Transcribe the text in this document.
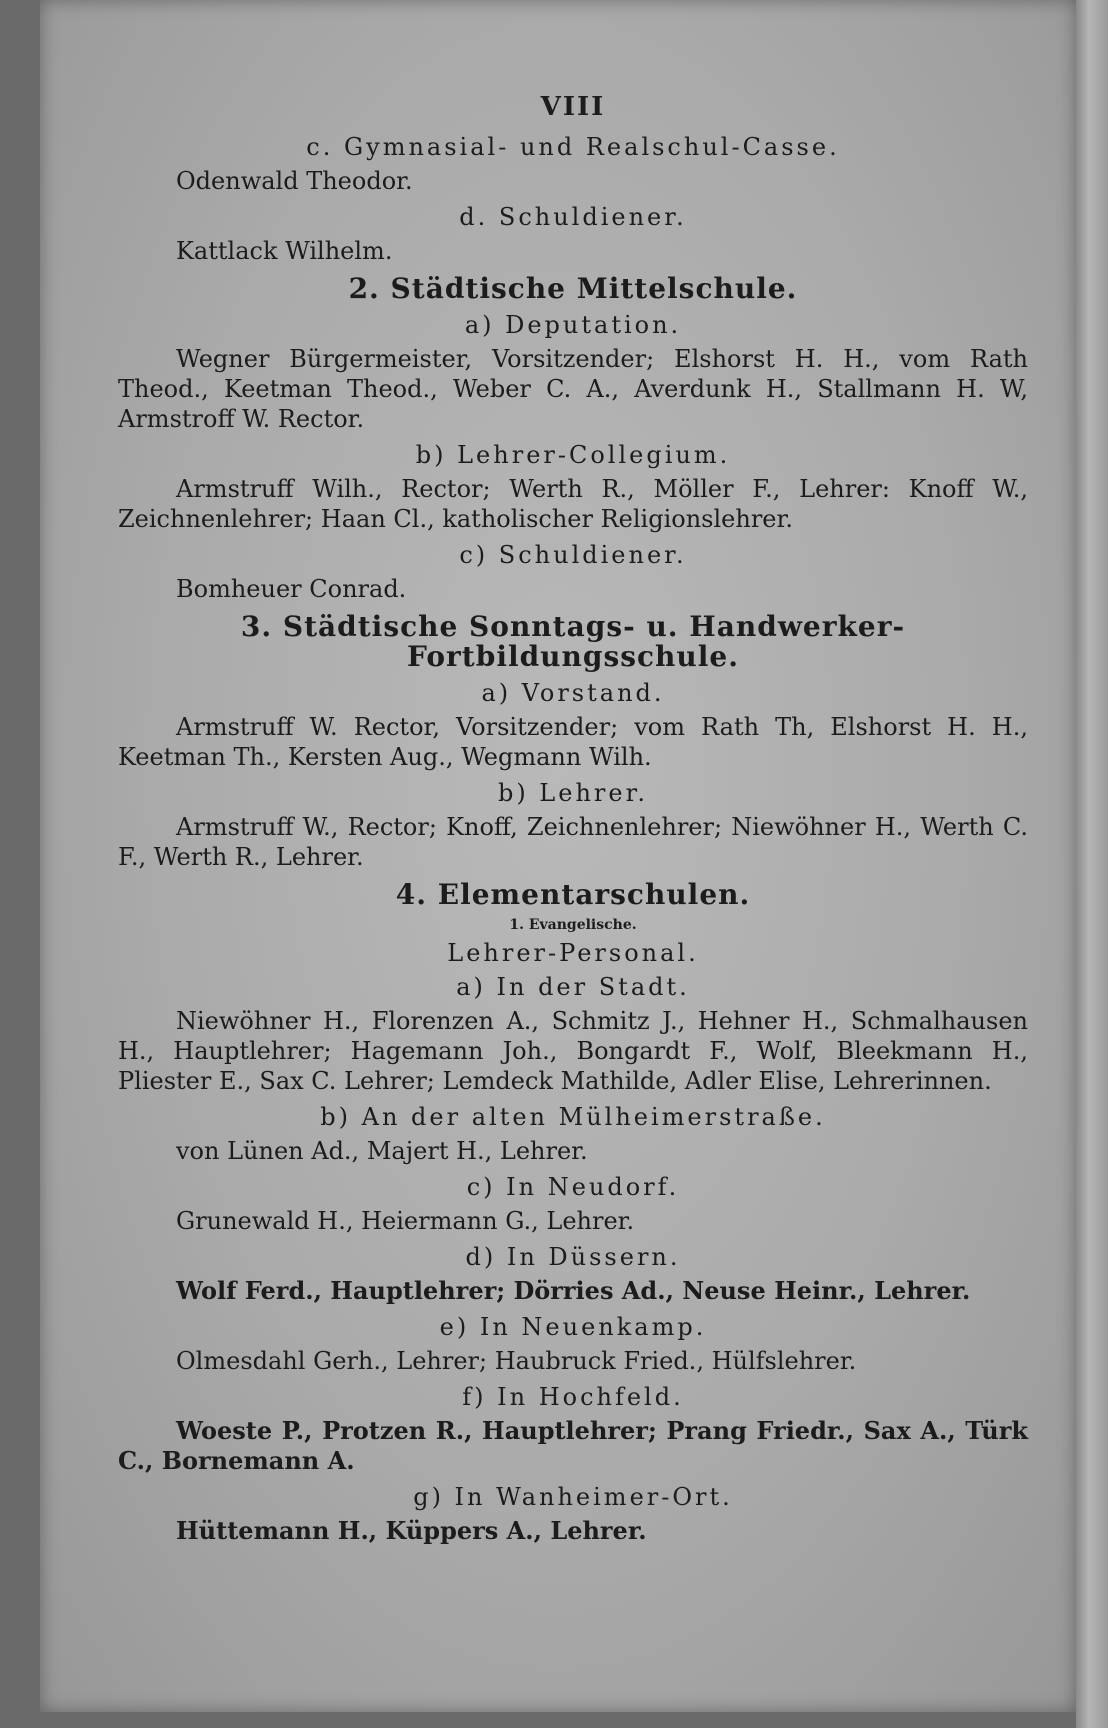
VIII
c. Gymnasial- und Realschul-Casse.
Odenwald Theodor.
d. Schuldiener.
Kattlack Wilhelm.
2. Städtische Mittelschule.
a) Deputation.
Wegner Bürgermeister, Vorsitzender; Elshorst H. H., vom Rath Theod., Keetman Theod., Weber C. A., Averdunk H., Stallmann H. W, Armstroff W. Rector.
b) Lehrer-Collegium.
Armstruff Wilh., Rector; Werth R., Möller F., Lehrer: Knoff W., Zeichnenlehrer; Haan Cl., katholischer Religionslehrer.
c) Schuldiener.
Bomheuer Conrad.
3. Städtische Sonntags- u. Handwerker-Fortbildungsschule.
a) Vorstand.
Armstruff W. Rector, Vorsitzender; vom Rath Th, Elshorst H. H., Keetman Th., Kersten Aug., Wegmann Wilh.
b) Lehrer.
Armstruff W., Rector; Knoff, Zeichnenlehrer; Niewöhner H., Werth C. F., Werth R., Lehrer.
4. Elementarschulen.
1. Evangelische.
Lehrer-Personal.
a) In der Stadt.
Niewöhner H., Florenzen A., Schmitz J., Hehner H., Schmalhausen H., Hauptlehrer; Hagemann Joh., Bongardt F., Wolf, Bleekmann H., Pliester E., Sax C. Lehrer; Lemdeck Mathilde, Adler Elise, Lehrerinnen.
b) An der alten Mülheimerstraße.
von Lünen Ad., Majert H., Lehrer.
c) In Neudorf.
Grunewald H., Heiermann G., Lehrer.
d) In Düssern.
Wolf Ferd., Hauptlehrer; Dörries Ad., Neuse Heinr., Lehrer.
e) In Neuenkamp.
Olmesdahl Gerh., Lehrer; Haubruck Fried., Hülfslehrer.
f) In Hochfeld.
Woeste P., Protzen R., Hauptlehrer; Prang Friedr., Sax A., Türk C., Bornemann A.
g) In Wanheimer-Ort.
Hüttemann H., Küppers A., Lehrer.
